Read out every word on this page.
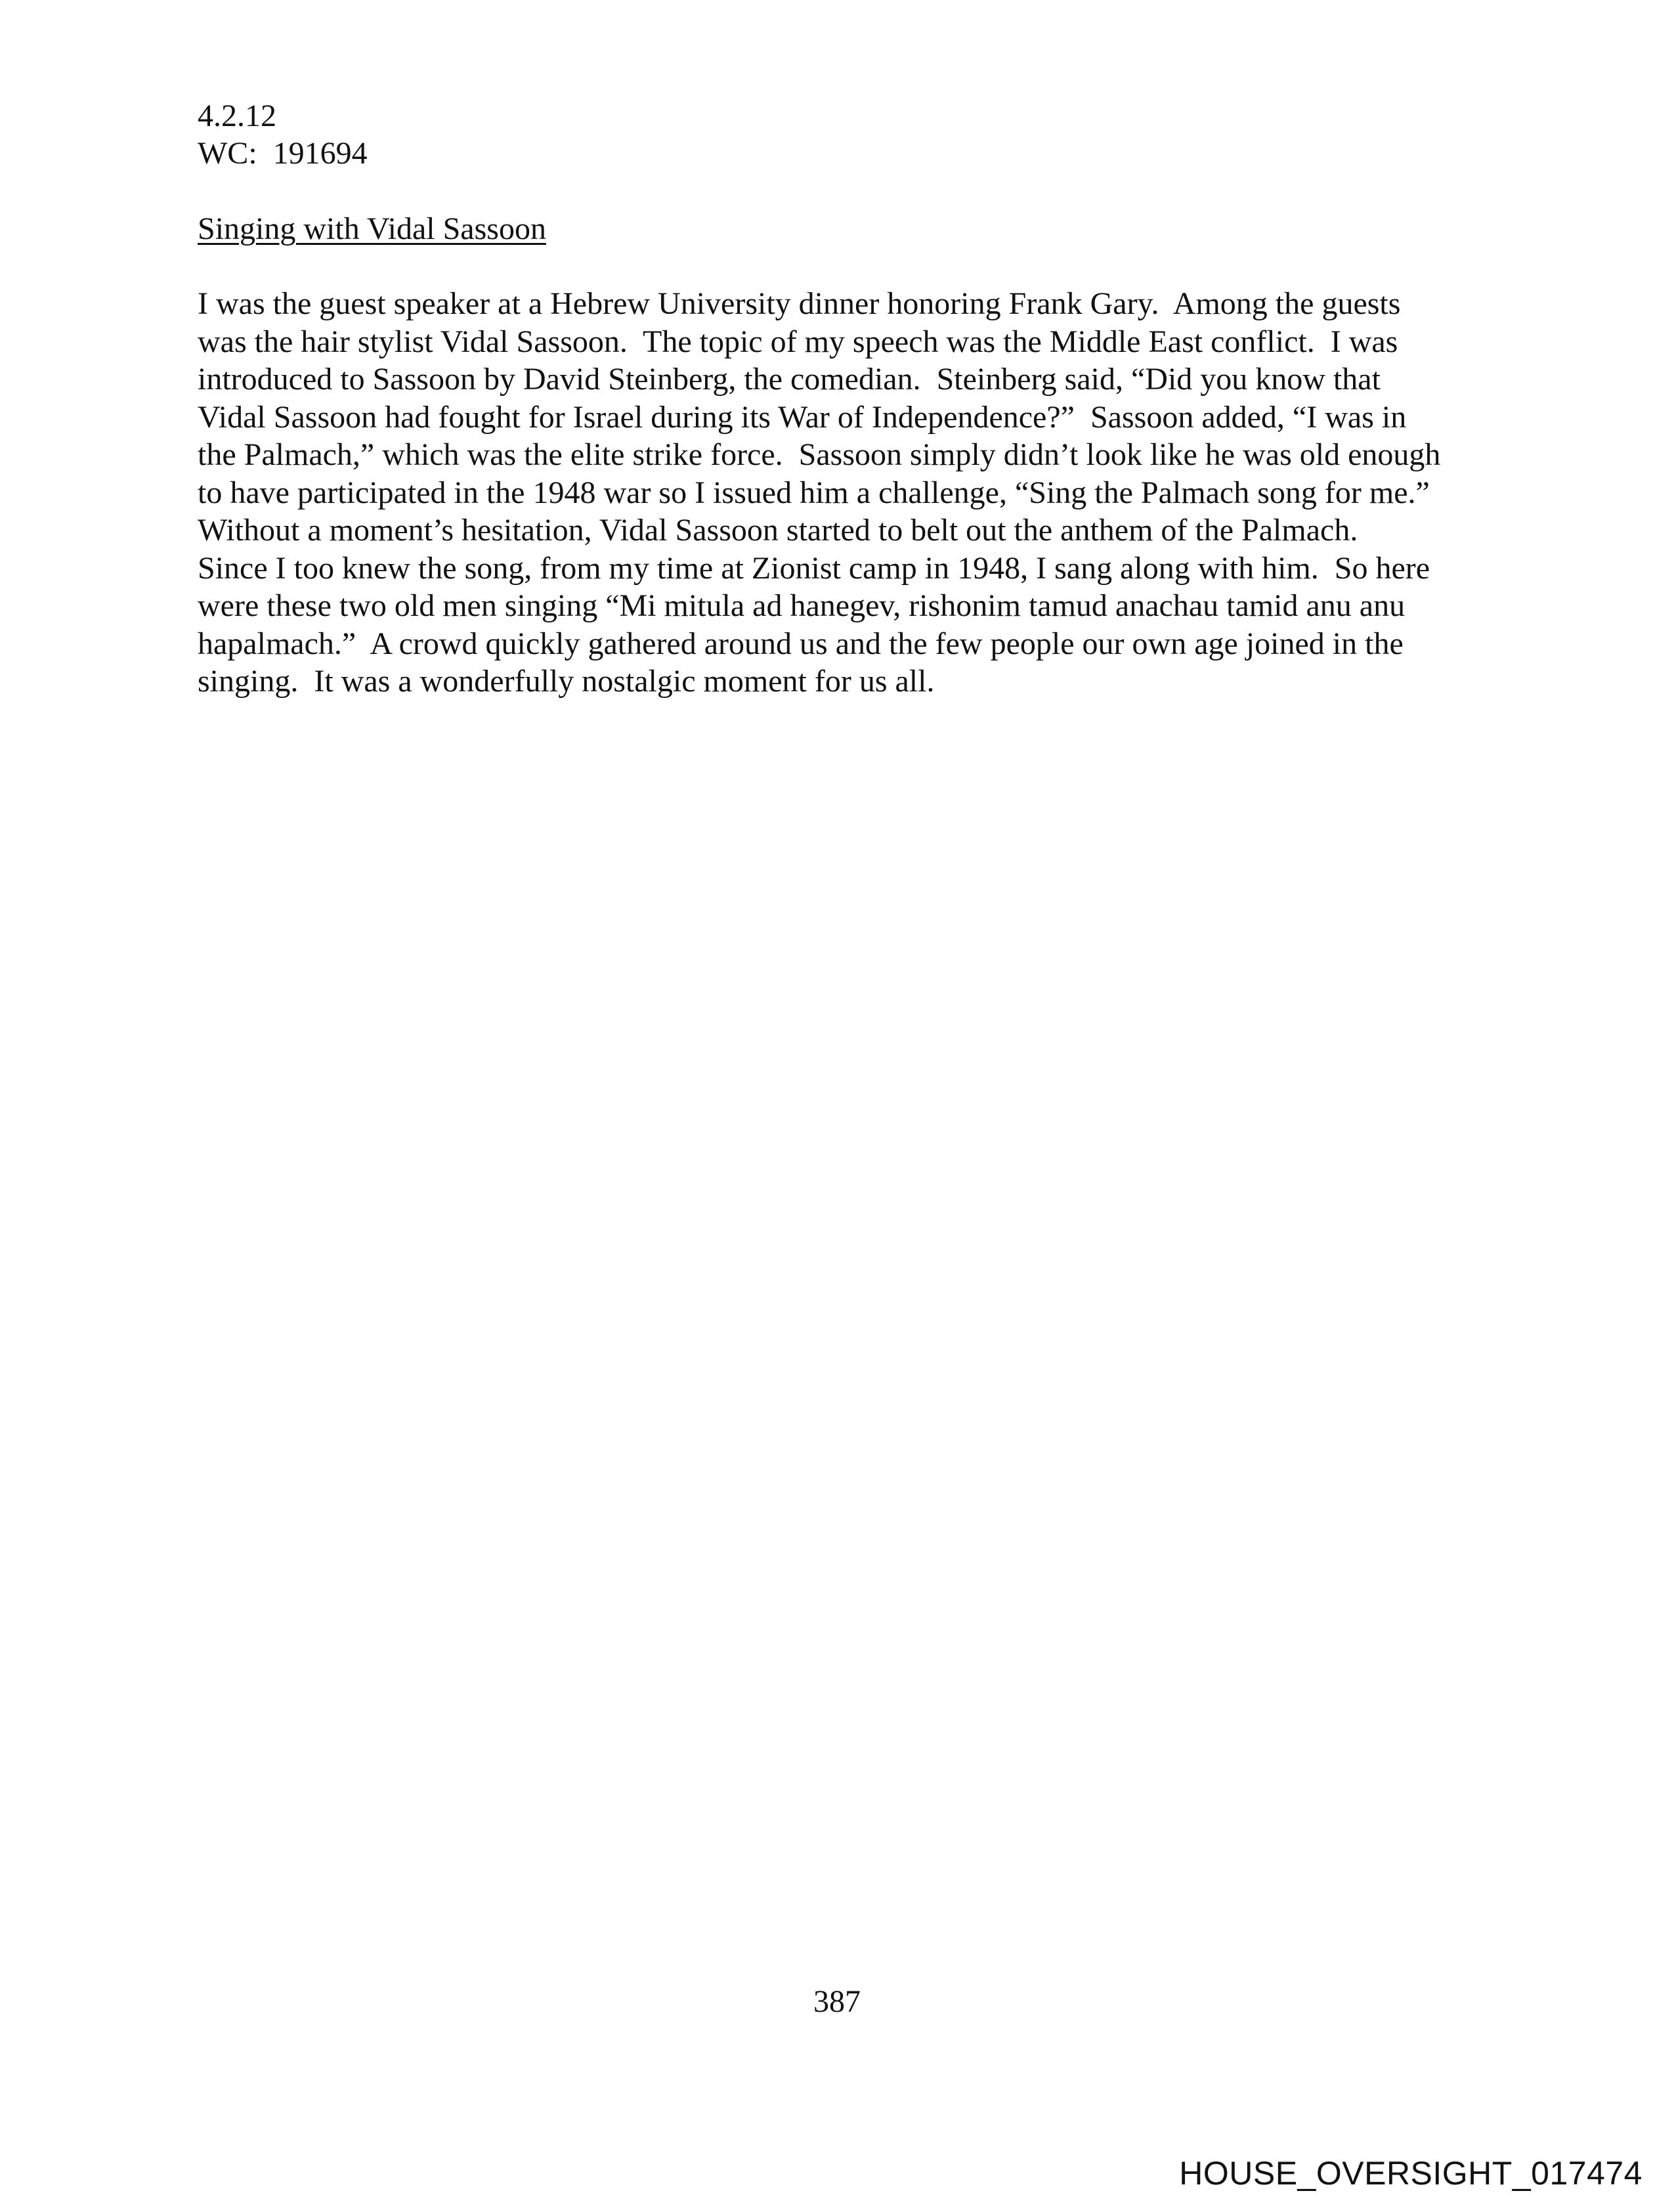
4.2.12
WC:  191694
Singing with Vidal Sassoon
I was the guest speaker at a Hebrew University dinner honoring Frank Gary.  Among the guests
was the hair stylist Vidal Sassoon.  The topic of my speech was the Middle East conflict.  I was
introduced to Sassoon by David Steinberg, the comedian.  Steinberg said, “Did you know that
Vidal Sassoon had fought for Israel during its War of Independence?”  Sassoon added, “I was in
the Palmach,” which was the elite strike force.  Sassoon simply didn’t look like he was old enough
to have participated in the 1948 war so I issued him a challenge, “Sing the Palmach song for me.”
Without a moment’s hesitation, Vidal Sassoon started to belt out the anthem of the Palmach.
Since I too knew the song, from my time at Zionist camp in 1948, I sang along with him.  So here
were these two old men singing “Mi mitula ad hanegev, rishonim tamud anachau tamid anu anu
hapalmach.”  A crowd quickly gathered around us and the few people our own age joined in the
singing.  It was a wonderfully nostalgic moment for us all.
387
HOUSE_OVERSIGHT_017474
